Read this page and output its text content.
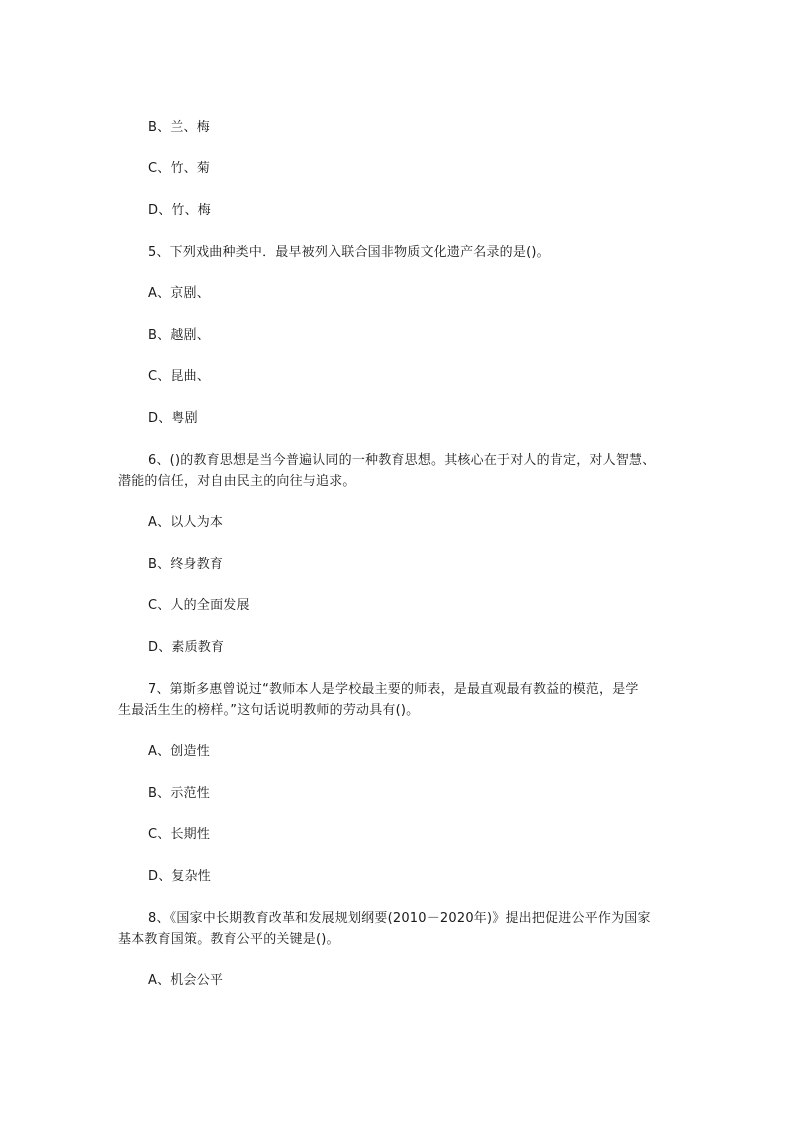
B、兰、梅
C、竹、菊
D、竹、梅
5、下列戏曲种类中．最早被列入联合国非物质文化遗产名录的是()。
A、京剧、
B、越剧、
C、昆曲、
D、粤剧
6、()的教育思想是当今普遍认同的一种教育思想。其核心在于对人的肯定，对人智慧、
潜能的信任，对自由民主的向往与追求。
A、以人为本
B、终身教育
C、人的全面发展
D、素质教育
7、第斯多惠曾说过“教师本人是学校最主要的师表，是最直观最有教益的模范，是学
生最活生生的榜样。”这句话说明教师的劳动具有()。
A、创造性
B、示范性
C、长期性
D、复杂性
8、《国家中长期教育改革和发展规划纲要(2010－2020年)》提出把促进公平作为国家
基本教育国策。教育公平的关键是()。
A、机会公平
